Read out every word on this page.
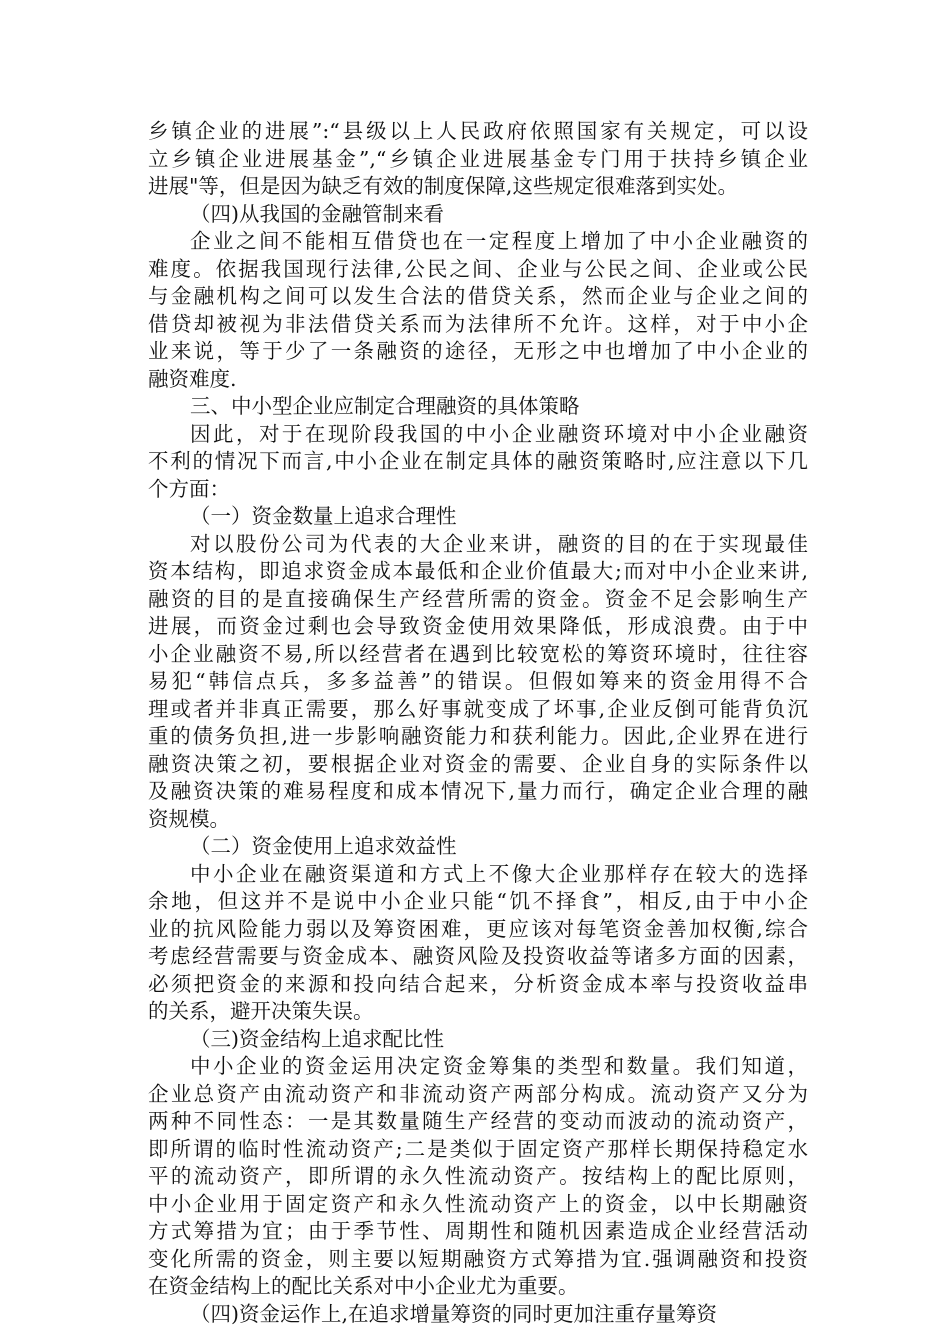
乡镇企业的进展”:“县级以上人民政府依照国家有关规定，可以设
立乡镇企业进展基金”,“乡镇企业进展基金专门用于扶持乡镇企业
进展"等，但是因为缺乏有效的制度保障,这些规定很难落到实处。
（四)从我国的金融管制来看
企业之间不能相互借贷也在一定程度上增加了中小企业融资的
难度。依据我国现行法律,公民之间、企业与公民之间、企业或公民
与金融机构之间可以发生合法的借贷关系，然而企业与企业之间的
借贷却被视为非法借贷关系而为法律所不允许。这样，对于中小企
业来说，等于少了一条融资的途径，无形之中也增加了中小企业的
融资难度.
三、中小型企业应制定合理融资的具体策略
因此，对于在现阶段我国的中小企业融资环境对中小企业融资
不利的情况下而言,中小企业在制定具体的融资策略时,应注意以下几
个方面：
（一）资金数量上追求合理性
对以股份公司为代表的大企业来讲，融资的目的在于实现最佳
资本结构，即追求资金成本最低和企业价值最大;而对中小企业来讲,
融资的目的是直接确保生产经营所需的资金。资金不足会影响生产
进展，而资金过剩也会导致资金使用效果降低，形成浪费。由于中
小企业融资不易,所以经营者在遇到比较宽松的筹资环境时，往往容
易犯“韩信点兵，多多益善”的错误。但假如筹来的资金用得不合
理或者并非真正需要，那么好事就变成了坏事,企业反倒可能背负沉
重的债务负担,进一步影响融资能力和获利能力。因此,企业界在进行
融资决策之初，要根据企业对资金的需要、企业自身的实际条件以
及融资决策的难易程度和成本情况下,量力而行，确定企业合理的融
资规模。
（二）资金使用上追求效益性
中小企业在融资渠道和方式上不像大企业那样存在较大的选择
余地，但这并不是说中小企业只能“饥不择食”，相反,由于中小企
业的抗风险能力弱以及筹资困难，更应该对每笔资金善加权衡,综合
考虑经营需要与资金成本、融资风险及投资收益等诸多方面的因素，
必须把资金的来源和投向结合起来，分析资金成本率与投资收益串
的关系，避开决策失误。
（三)资金结构上追求配比性
中小企业的资金运用决定资金筹集的类型和数量。我们知道，
企业总资产由流动资产和非流动资产两部分构成。流动资产又分为
两种不同性态：一是其数量随生产经营的变动而波动的流动资产，
即所谓的临时性流动资产;二是类似于固定资产那样长期保持稳定水
平的流动资产，即所谓的永久性流动资产。按结构上的配比原则，
中小企业用于固定资产和永久性流动资产上的资金，以中长期融资
方式筹措为宜；由于季节性、周期性和随机因素造成企业经营活动
变化所需的资金，则主要以短期融资方式筹措为宜.强调融资和投资
在资金结构上的配比关系对中小企业尤为重要。
（四)资金运作上,在追求增量筹资的同时更加注重存量筹资
